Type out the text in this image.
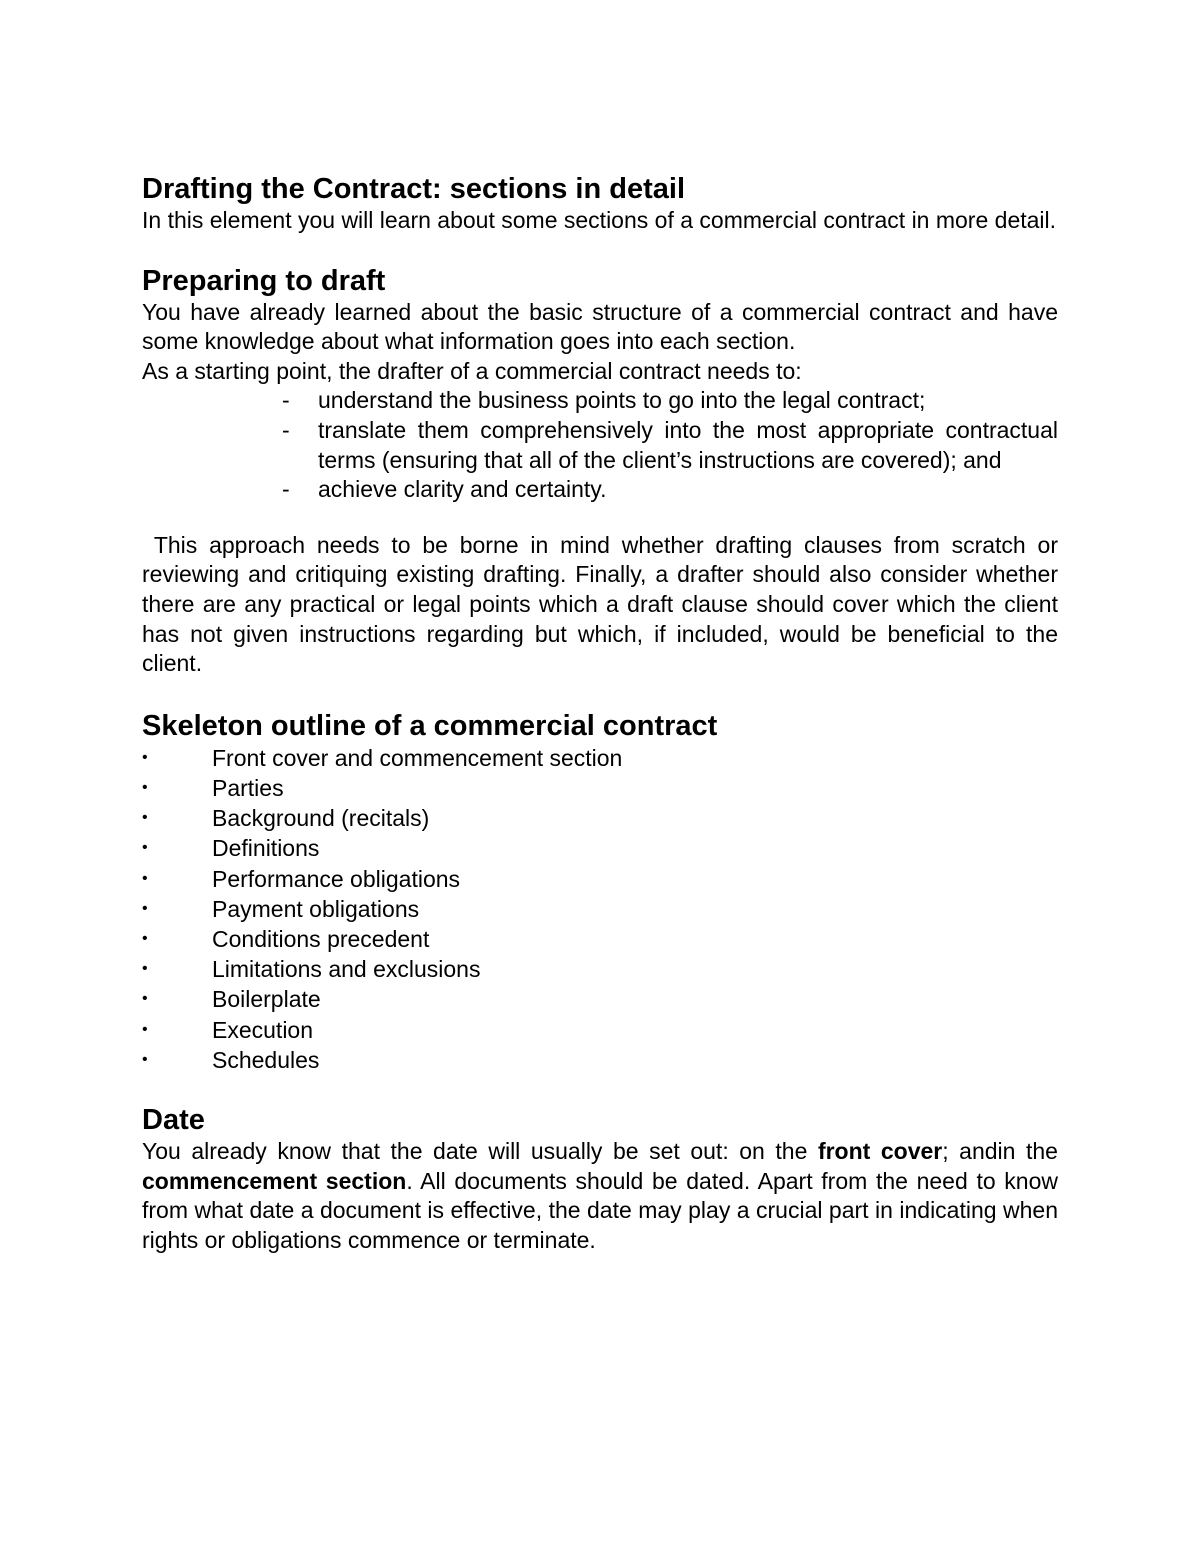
Drafting the Contract: sections in detail

In this element you will learn about some sections of a commercial contract in more detail.

Preparing to draft

You have already learned about the basic structure of a commercial contract and have some knowledge about what information goes into each section.

As a starting point, the drafter of a commercial contract needs to:

- understand the business points to go into the legal contract;
- translate them comprehensively into the most appropriate contractual terms (ensuring that all of the client’s instructions are covered); and
- achieve clarity and certainty.

This approach needs to be borne in mind whether drafting clauses from scratch or reviewing and critiquing existing drafting. Finally, a drafter should also consider whether there are any practical or legal points which a draft clause should cover which the client has not given instructions regarding but which, if included, would be beneficial to the client.

Skeleton outline of a commercial contract
• Front cover and commencement section
• Parties
• Background (recitals)
• Definitions
• Performance obligations
• Payment obligations
• Conditions precedent
• Limitations and exclusions
• Boilerplate
• Execution
• Schedules
Date

You already know that the date will usually be set out: on the front cover; andin the commencement section. All documents should be dated. Apart from the need to know from what date a document is effective, the date may play a crucial part in indicating when rights or obligations commence or terminate.
